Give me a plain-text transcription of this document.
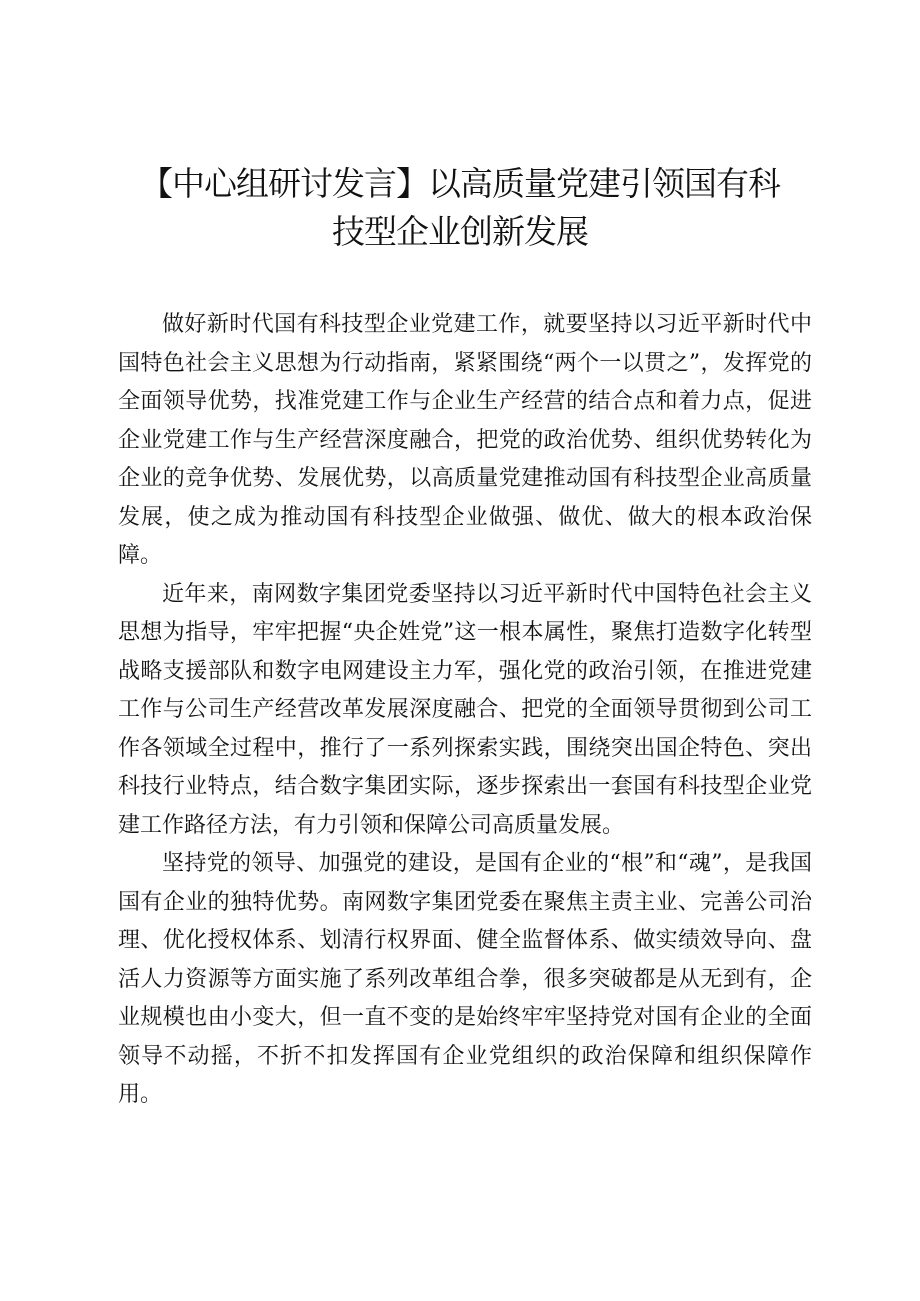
【中心组研讨发言】以高质量党建引领国有科
技型企业创新发展

做好新时代国有科技型企业党建工作，就要坚持以习近平新时代中国特色社会主义思想为行动指南，紧紧围绕“两个一以贯之”，发挥党的全面领导优势，找准党建工作与企业生产经营的结合点和着力点，促进企业党建工作与生产经营深度融合，把党的政治优势、组织优势转化为企业的竞争优势、发展优势，以高质量党建推动国有科技型企业高质量发展，使之成为推动国有科技型企业做强、做优、做大的根本政治保障。

近年来，南网数字集团党委坚持以习近平新时代中国特色社会主义思想为指导，牢牢把握“央企姓党”这一根本属性，聚焦打造数字化转型战略支援部队和数字电网建设主力军，强化党的政治引领，在推进党建工作与公司生产经营改革发展深度融合、把党的全面领导贯彻到公司工作各领域全过程中，推行了一系列探索实践，围绕突出国企特色、突出科技行业特点，结合数字集团实际，逐步探索出一套国有科技型企业党建工作路径方法，有力引领和保障公司高质量发展。

坚持党的领导、加强党的建设，是国有企业的“根”和“魂”，是我国国有企业的独特优势。南网数字集团党委在聚焦主责主业、完善公司治理、优化授权体系、划清行权界面、健全监督体系、做实绩效导向、盘活人力资源等方面实施了系列改革组合拳，很多突破都是从无到有，企业规模也由小变大，但一直不变的是始终牢牢坚持党对国有企业的全面领导不动摇，不折不扣发挥国有企业党组织的政治保障和组织保障作用。
